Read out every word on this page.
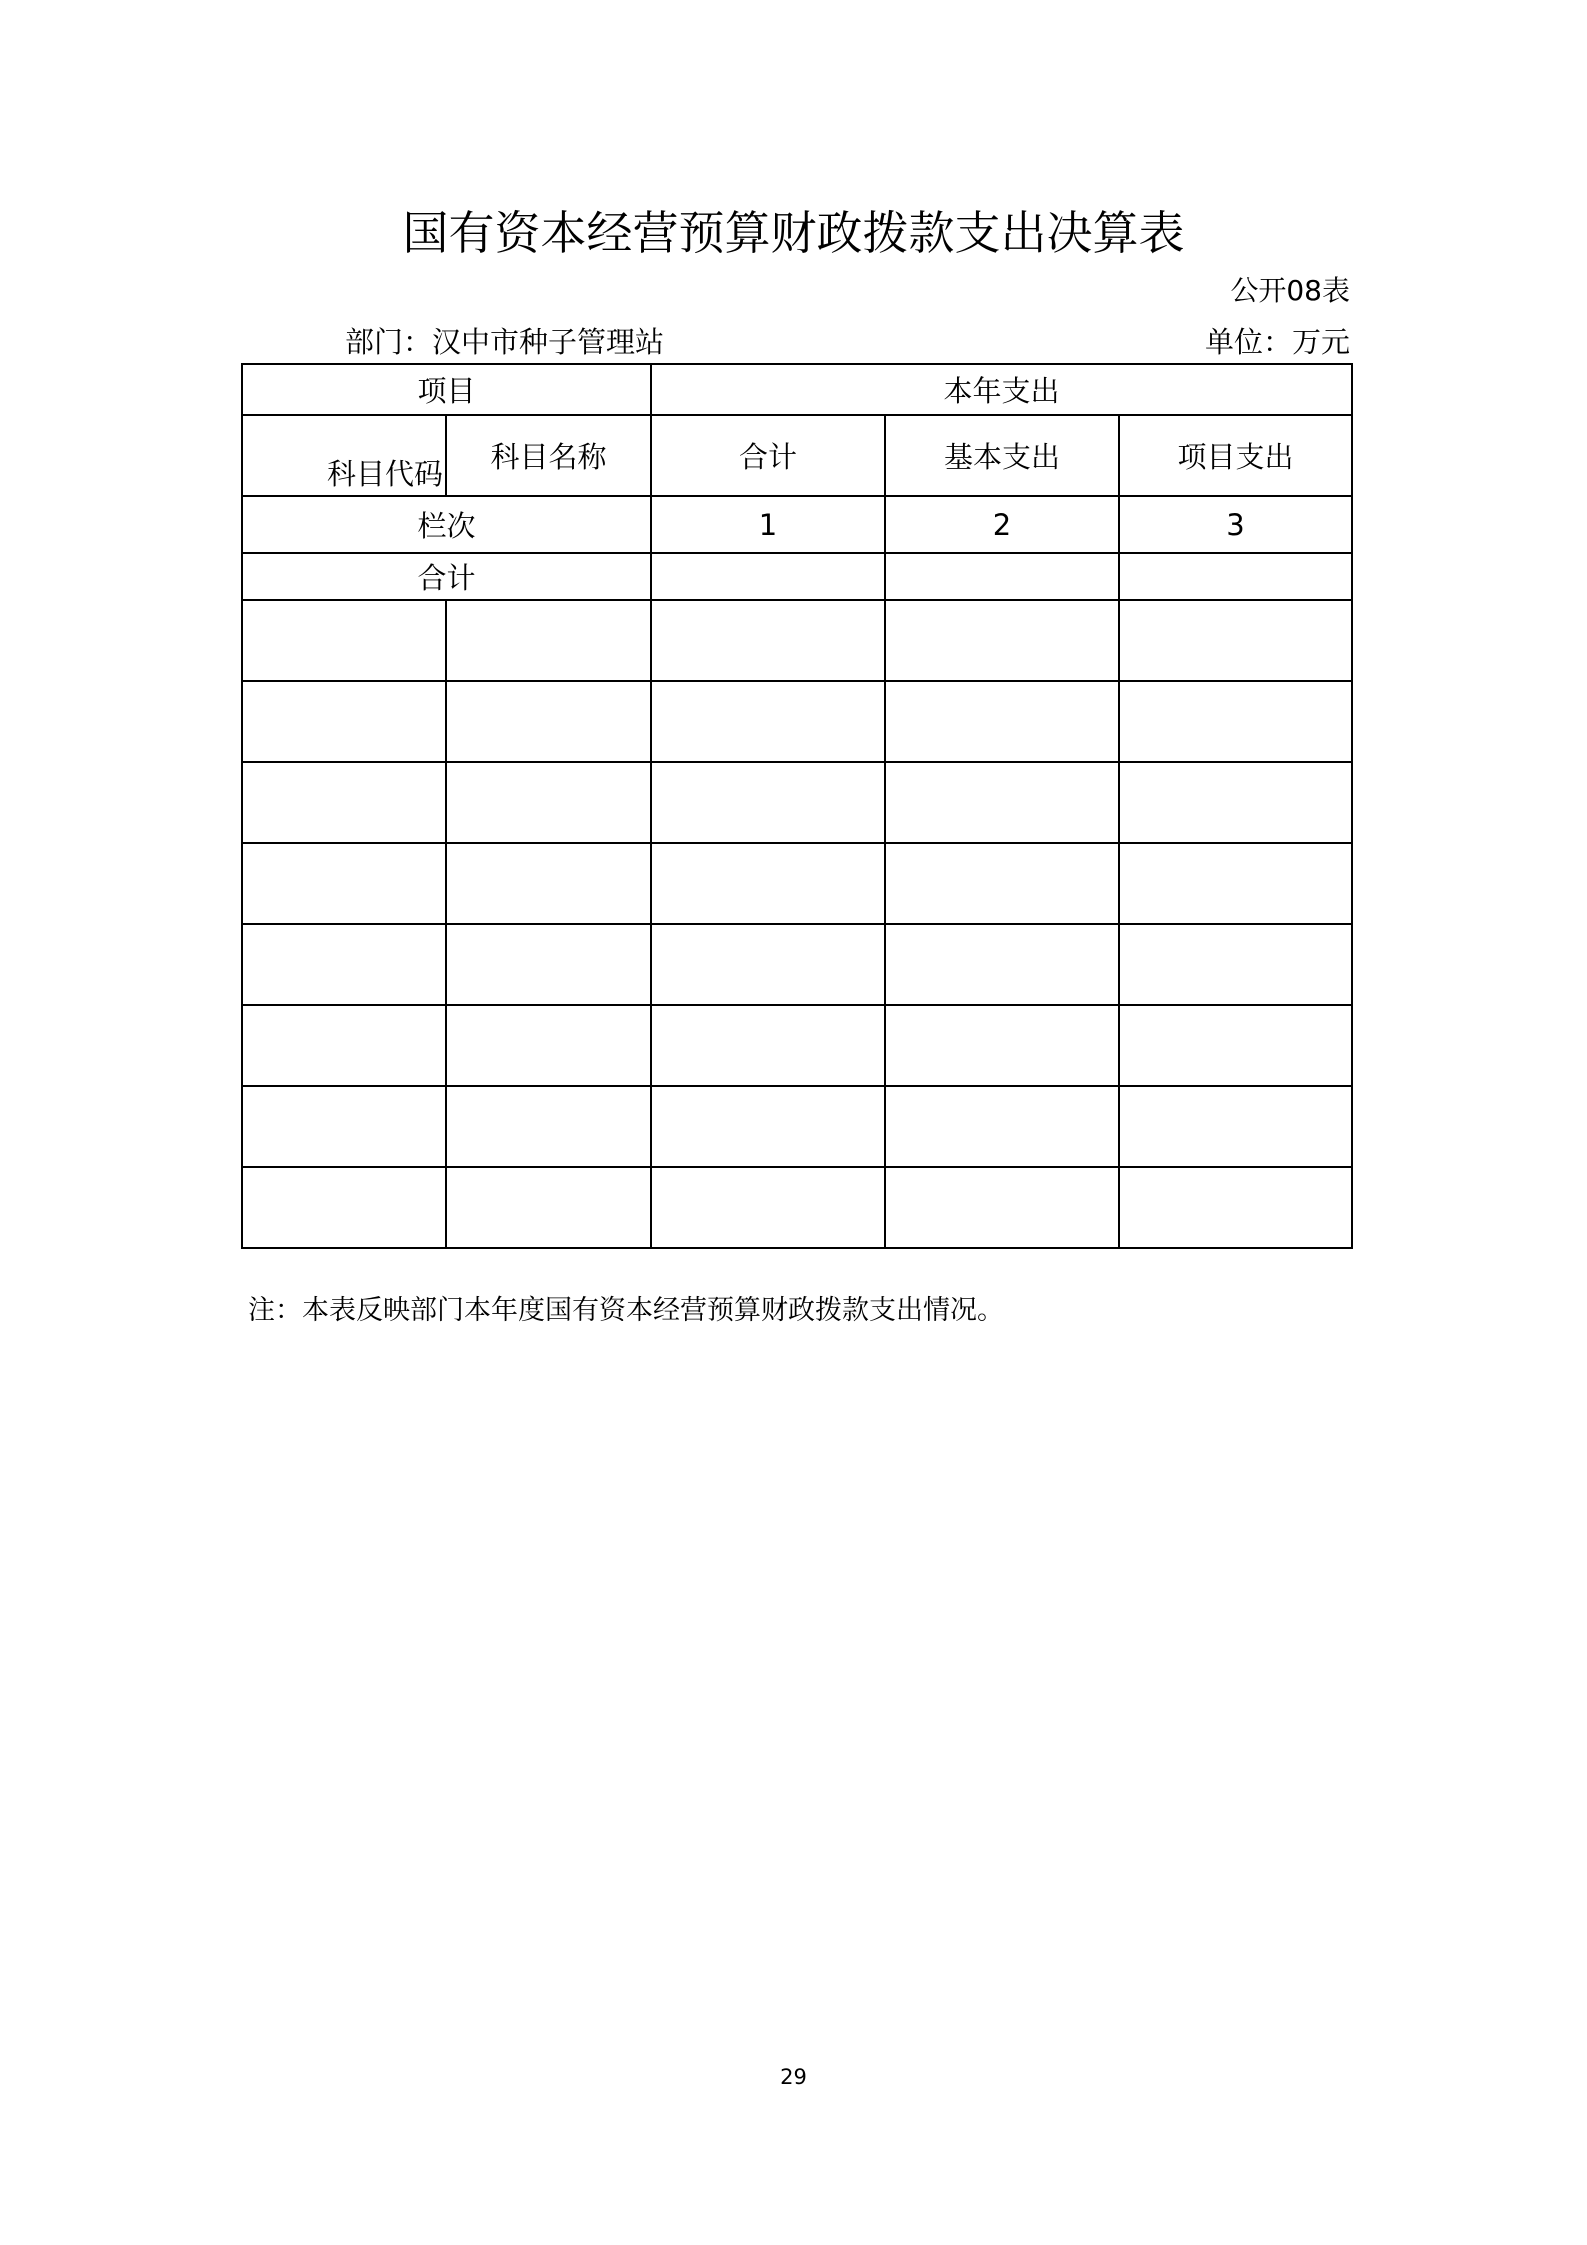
国有资本经营预算财政拨款支出决算表
公开08表
部门：汉中市种子管理站	单位：万元
项目		本年支出		

科目代码	科目名称	合计	基本支出	项目支出
栏次		1	2	3
合计				

注：本表反映部门本年度国有资本经营预算财政拨款支出情况。
29
